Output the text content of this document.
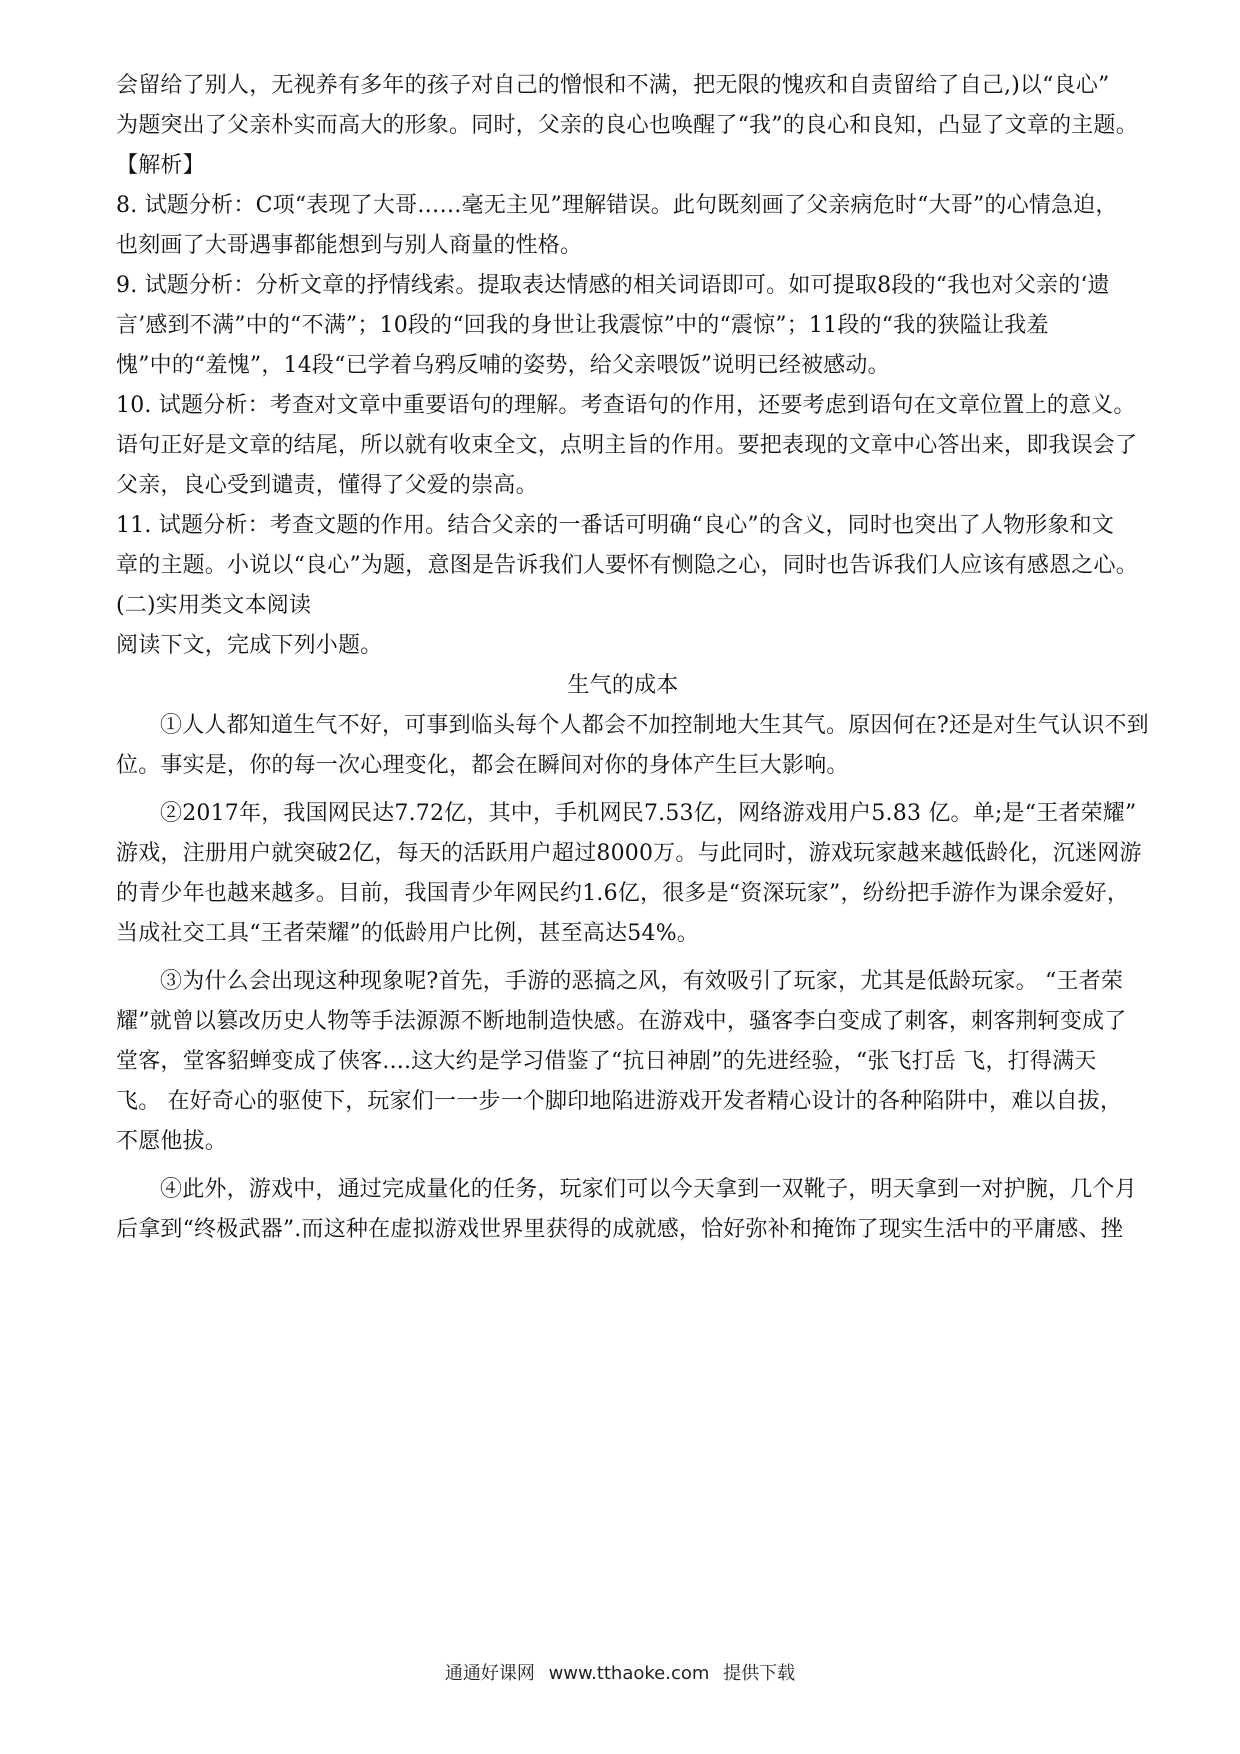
会留给了别人，无视养有多年的孩子对自己的憎恨和不满，把无限的愧疚和自责留给了自己,)以“良心”
为题突出了父亲朴实而高大的形象。同时，父亲的良心也唤醒了“我”的良心和良知，凸显了文章的主题。
【解析】
8. 试题分析：C项“表现了大哥……毫无主见”理解错误。此句既刻画了父亲病危时“大哥”的心情急迫，
也刻画了大哥遇事都能想到与别人商量的性格。
9. 试题分析：分析文章的抒情线索。提取表达情感的相关词语即可。如可提取8段的“我也对父亲的‘遗
言’感到不满”中的“不满”；10段的“回我的身世让我震惊”中的“震惊”；11段的“我的狭隘让我羞
愧”中的“羞愧”，14段“已学着乌鸦反哺的姿势，给父亲喂饭”说明已经被感动。
10. 试题分析：考查对文章中重要语句的理解。考查语句的作用，还要考虑到语句在文章位置上的意义。
语句正好是文章的结尾，所以就有收束全文，点明主旨的作用。要把表现的文章中心答出来，即我误会了
父亲，良心受到谴责，懂得了父爱的崇高。
11. 试题分析：考查文题的作用。结合父亲的一番话可明确“良心”的含义，同时也突出了人物形象和文
章的主题。小说以“良心”为题，意图是告诉我们人要怀有恻隐之心，同时也告诉我们人应该有感恩之心。
(二)实用类文本阅读
阅读下文，完成下列小题。
生气的成本
①人人都知道生气不好，可事到临头每个人都会不加控制地大生其气。原因何在?还是对生气认识不到
位。事实是，你的每一次心理变化，都会在瞬间对你的身体产生巨大影响。
②2017年，我国网民达7.72亿，其中，手机网民7.53亿，网络游戏用户5.83 亿。单;是“王者荣耀”
游戏，注册用户就突破2亿，每天的活跃用户超过8000万。与此同时，游戏玩家越来越低龄化，沉迷网游
的青少年也越来越多。目前，我国青少年网民约1.6亿，很多是“资深玩家”，纷纷把手游作为课余爱好，
当成社交工具“王者荣耀”的低龄用户比例，甚至高达54%。
③为什么会出现这种现象呢?首先，手游的恶搞之风，有效吸引了玩家，尤其是低龄玩家。 “王者荣
耀”就曾以篡改历史人物等手法源源不断地制造快感。在游戏中，骚客李白变成了刺客，刺客荆轲变成了
堂客，堂客貂蝉变成了侠客....这大约是学习借鉴了“抗日神剧”的先进经验，“张飞打岳 飞，打得满天
飞。 在好奇心的驱使下，玩家们一一步一个脚印地陷进游戏开发者精心设计的各种陷阱中，难以自拔，
不愿他拔。
④此外，游戏中，通过完成量化的任务，玩家们可以今天拿到一双靴子，明天拿到一对护腕，几个月
后拿到“终极武器”.而这种在虚拟游戏世界里获得的成就感，恰好弥补和掩饰了现实生活中的平庸感、挫
通通好课网 www.tthaoke.com 提供下载
